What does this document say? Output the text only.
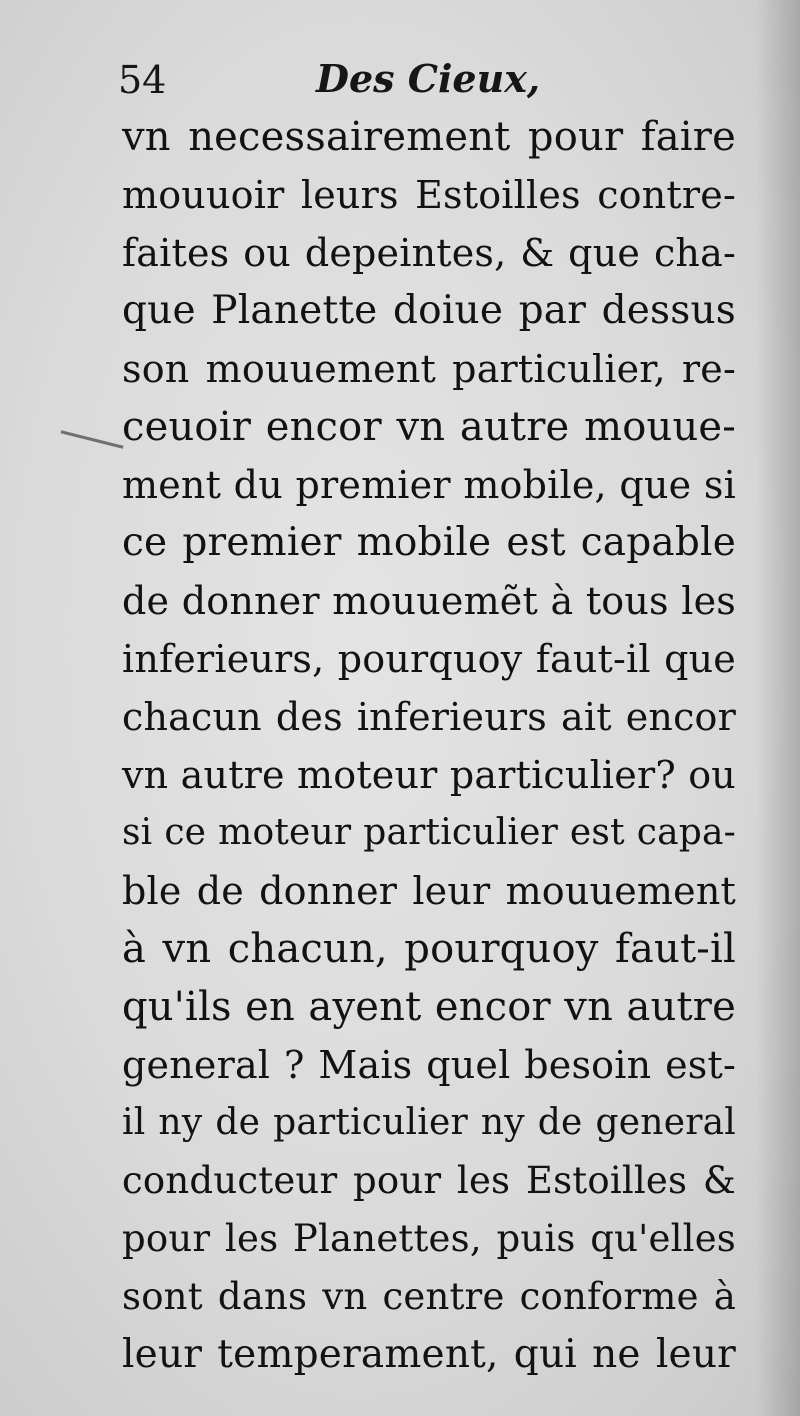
54	Des Cieux,
vn necessairement pour faire
mouuoir leurs Estoilles contre-
faites ou depeintes, & que cha-
que Planette doiue par dessus
son mouuement particulier, re-
ceuoir encor vn autre mouue-
ment du premier mobile, que si
ce premier mobile est capable
de donner mouuemẽt à tous les
inferieurs, pourquoy faut-il que
chacun des inferieurs ait encor
vn autre moteur particulier? ou
si ce moteur particulier est capa-
ble de donner leur mouuement
à vn chacun, pourquoy faut-il
qu'ils en ayent encor vn autre
general ? Mais quel besoin est-
il ny de particulier ny de general
conducteur pour les Estoilles &
pour les Planettes, puis qu'elles
sont dans vn centre conforme à
leur temperament, qui ne leur
